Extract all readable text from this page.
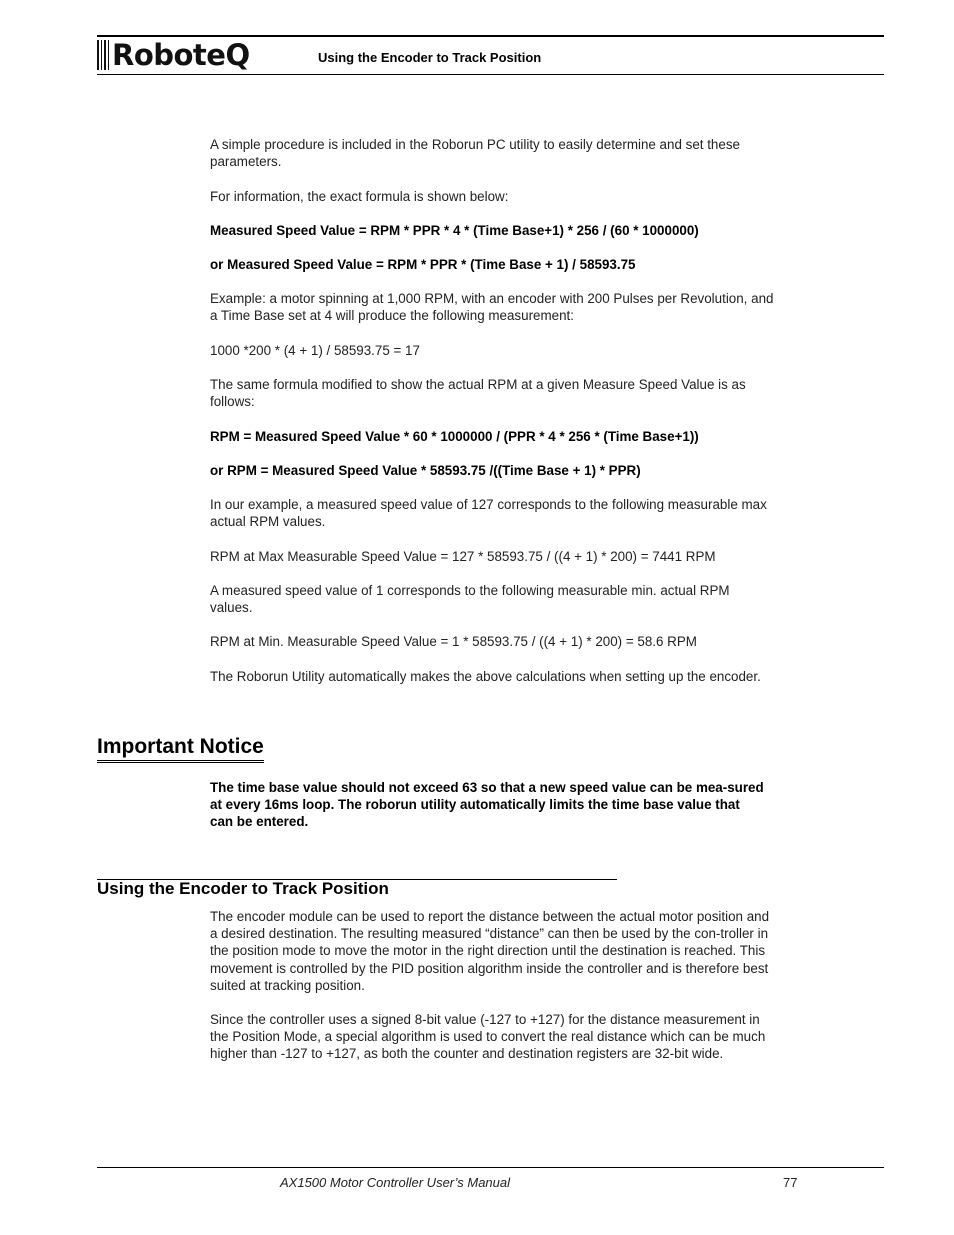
RoboteQ	Using the Encoder to Track Position

A simple procedure is included in the Roborun PC utility to easily determine and set these parameters.

For information, the exact formula is shown below:

Measured Speed Value = RPM * PPR * 4 * (Time Base+1) * 256 / (60 * 1000000)

or Measured Speed Value = RPM * PPR * (Time Base + 1) / 58593.75

Example: a motor spinning at 1,000 RPM, with an encoder with 200 Pulses per Revolution, and a Time Base set at 4 will produce the following measurement:

1000 *200 * (4 + 1) / 58593.75 = 17

The same formula modified to show the actual RPM at a given Measure Speed Value is as follows:

RPM = Measured Speed Value * 60 * 1000000 / (PPR * 4 * 256 * (Time Base+1))

or RPM = Measured Speed Value * 58593.75 /((Time Base + 1) * PPR)

In our example, a measured speed value of 127 corresponds to the following measurable max actual RPM values.

RPM at Max Measurable Speed Value = 127 * 58593.75 / ((4 + 1) * 200) = 7441 RPM

A measured speed value of 1 corresponds to the following measurable min. actual RPM values.

RPM at Min. Measurable Speed Value = 1 * 58593.75 / ((4 + 1) * 200) = 58.6 RPM

The Roborun Utility automatically makes the above calculations when setting up the encoder.

Important Notice

The time base value should not exceed 63 so that a new speed value can be mea-sured at every 16ms loop. The roborun utility automatically limits the time base value that can be entered.

Using the Encoder to Track Position

The encoder module can be used to report the distance between the actual motor position and a desired destination. The resulting measured “distance” can then be used by the con-troller in the position mode to move the motor in the right direction until the destination is reached. This movement is controlled by the PID position algorithm inside the controller and is therefore best suited at tracking position.

Since the controller uses a signed 8-bit value (-127 to +127) for the distance measurement in the Position Mode, a special algorithm is used to convert the real distance which can be much higher than -127 to +127, as both the counter and destination registers are 32-bit wide.

AX1500 Motor Controller User’s Manual	77
